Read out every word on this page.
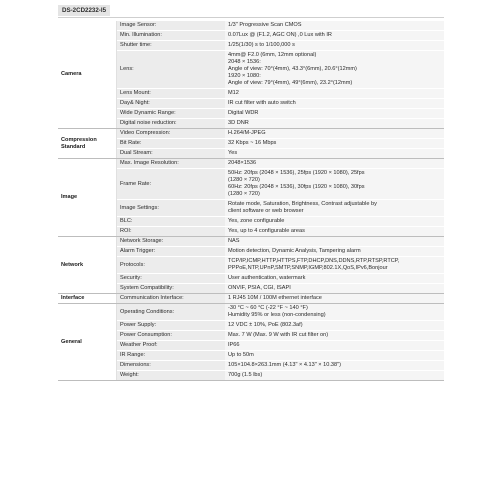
DS-2CD2232-I5
Camera	Image Sensor:	1/3" Progressive Scan CMOS

	Min. Illumination:	0.07Lux @ (F1.2, AGC ON) ,0 Lux with IR

	Shutter time:	1/25(1/30) s to 1/100,000 s

	Lens:	4mm@ F2.0 (6mm, 12mm optional)
2048 × 1536:
Angle of view: 70°(4mm), 43.3°(6mm), 20.6°(12mm)
1920 × 1080:
Angle of view: 79°(4mm), 49°(6mm), 23.2°(12mm)

	Lens Mount:	M12

	Day& Night:	IR cut filter with auto switch

	Wide Dynamic Range:	Digital WDR

	Digital noise reduction:	3D DNR

Compression Standard	Video Compression:	H.264/M-JPEG

	Bit Rate:	32 Kbps ~ 16 Mbps

	Dual Stream:	Yes

Image	Max. Image Resolution:	2048×1536

	Frame Rate:	50Hz: 20fps (2048 × 1536), 25fps (1920 × 1080), 25fps
(1280 × 720)
60Hz: 20fps (2048 × 1536), 30fps (1920 × 1080), 30fps
(1280 × 720)

	Image Settings:	Rotate mode, Saturation, Brightness, Contrast adjustable by
client software or web browser

	BLC:	Yes, zone configurable

	ROI:	Yes, up to 4 configurable areas

Network	Network Storage:	NAS

	Alarm Trigger:	Motion detection, Dynamic Analysis, Tampering alarm

	Protocols:	TCP/IP,ICMP,HTTP,HTTPS,FTP,DHCP,DNS,DDNS,RTP,RTSP,RTCP,
PPPoE,NTP,UPnP,SMTP,SNMP,IGMP,802.1X,QoS,IPv6,Bonjour

	Security:	User authentication, watermark

	System Compatibility:	ONVIF, PSIA, CGI, ISAPI

Interface	Communication Interface:	1 RJ45 10M / 100M ethernet interface

General	Operating Conditions:	-30 °C ~ 60 °C (-22 °F ~ 140 °F)
Humidity 95% or less (non-condensing)

	Power Supply:	12 VDC ± 10%, PoE (802.3af)

	Power Consumption:	Max. 7 W (Max. 9 W with IR cut filter on)

	Weather Proof:	IP66

	IR Range:	Up to 50m

	Dimensions:	105×104.8×263.1mm (4.13" × 4.13" × 10.38")

	Weight:	700g (1.5 lbs)
